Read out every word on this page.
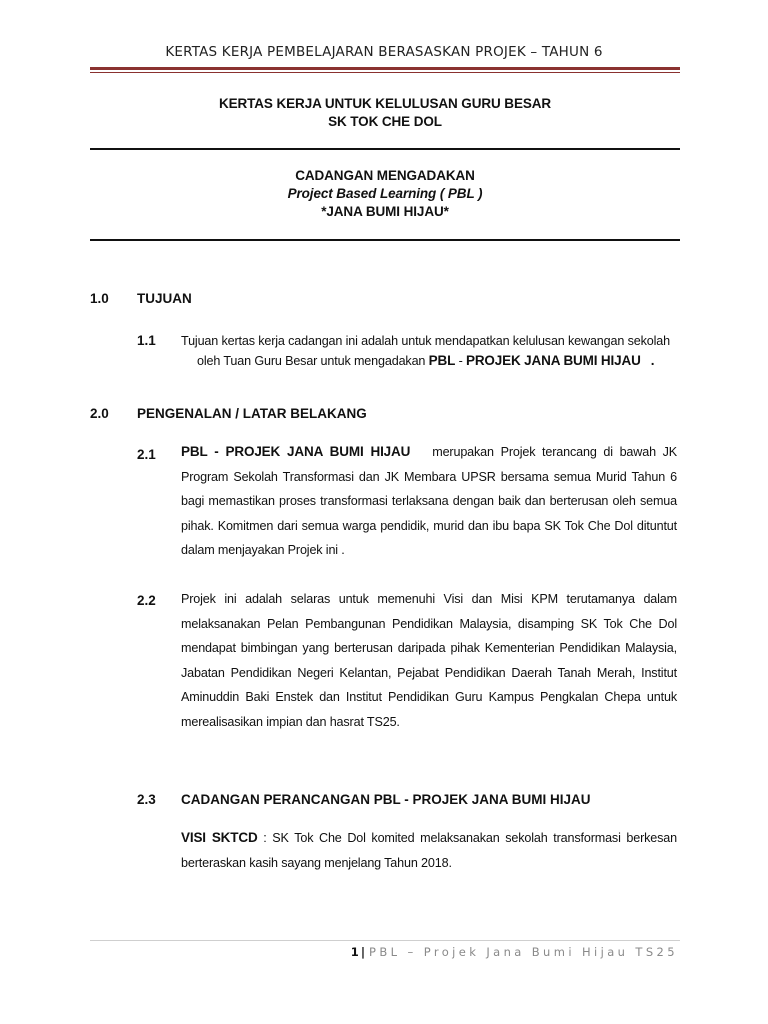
KERTAS KERJA PEMBELAJARAN BERASASKAN PROJEK – TAHUN 6
KERTAS KERJA UNTUK KELULUSAN GURU BESAR
SK TOK CHE DOL
CADANGAN MENGADAKAN
Project Based Learning ( PBL )
*JANA BUMI HIJAU*
1.0 TUJUAN
1.1 Tujuan kertas kerja cadangan ini adalah untuk mendapatkan kelulusan kewangan sekolah
oleh Tuan Guru Besar untuk mengadakan PBL - PROJEK JANA BUMI HIJAU .
2.0 PENGENALAN / LATAR BELAKANG
2.1 PBL - PROJEK JANA BUMI HIJAU merupakan Projek terancang di bawah JK Program Sekolah Transformasi dan JK Membara UPSR bersama semua Murid Tahun 6 bagi memastikan proses transformasi terlaksana dengan baik dan berterusan oleh semua pihak. Komitmen dari semua warga pendidik, murid dan ibu bapa SK Tok Che Dol dituntut dalam menjayakan Projek ini .
2.2 Projek ini adalah selaras untuk memenuhi Visi dan Misi KPM terutamanya dalam melaksanakan Pelan Pembangunan Pendidikan Malaysia, disamping SK Tok Che Dol mendapat bimbingan yang berterusan daripada pihak Kementerian Pendidikan Malaysia, Jabatan Pendidikan Negeri Kelantan, Pejabat Pendidikan Daerah Tanah Merah, Institut Aminuddin Baki Enstek dan Institut Pendidikan Guru Kampus Pengkalan Chepa untuk merealisasikan impian dan hasrat TS25.
2.3 CADANGAN PERANCANGAN PBL - PROJEK JANA BUMI HIJAU
VISI SKTCD : SK Tok Che Dol komited melaksanakan sekolah transformasi berkesan berteraskan kasih sayang menjelang Tahun 2018.
1 | PBL – Projek Jana Bumi Hijau TS25
